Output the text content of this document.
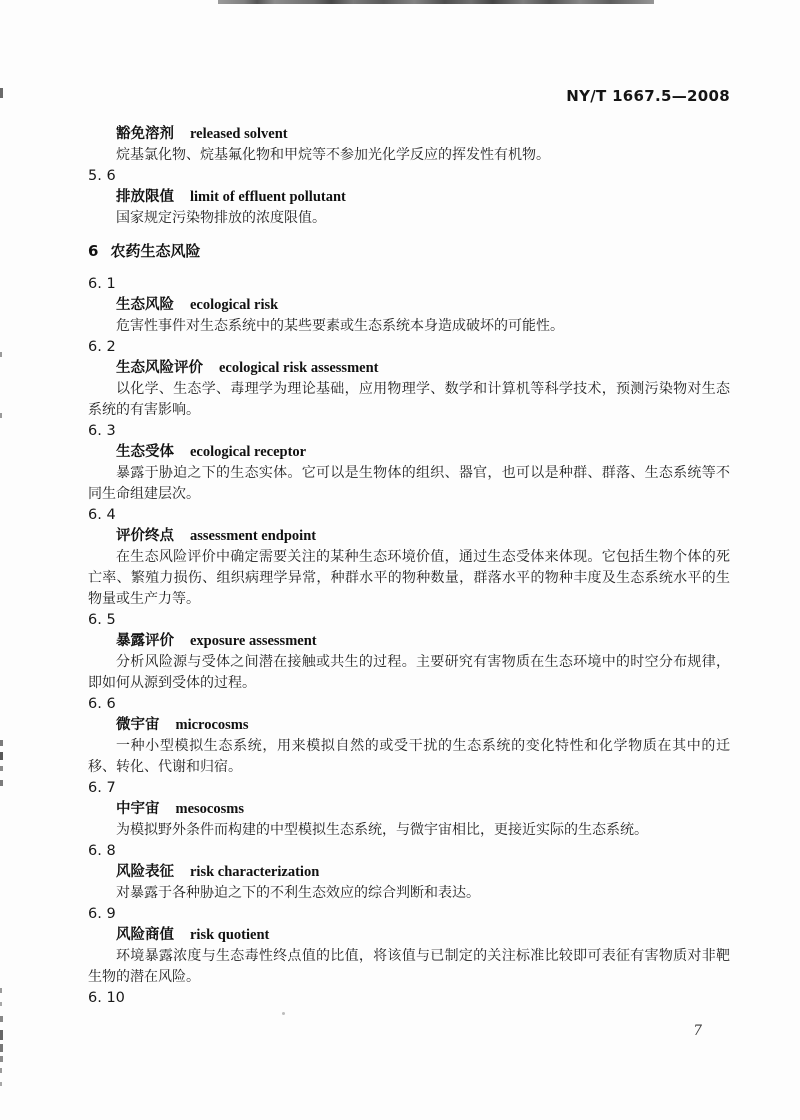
NY/T 1667.5—2008
豁免溶剂 released solvent

烷基氯化物、烷基氟化物和甲烷等不参加光化学反应的挥发性有机物。

5. 6
排放限值 limit of effluent pollutant

国家规定污染物排放的浓度限值。

6 农药生态风险
6. 1
生态风险 ecological risk

危害性事件对生态系统中的某些要素或生态系统本身造成破坏的可能性。

6. 2
生态风险评价 ecological risk assessment

以化学、生态学、毒理学为理论基础，应用物理学、数学和计算机等科学技术，预测污染物对生态系统的有害影响。

6. 3
生态受体 ecological receptor

暴露于胁迫之下的生态实体。它可以是生物体的组织、器官，也可以是种群、群落、生态系统等不同生命组建层次。

6. 4
评价终点 assessment endpoint

在生态风险评价中确定需要关注的某种生态环境价值，通过生态受体来体现。它包括生物个体的死亡率、繁殖力损伤、组织病理学异常，种群水平的物种数量，群落水平的物种丰度及生态系统水平的生物量或生产力等。

6. 5
暴露评价 exposure assessment

分析风险源与受体之间潜在接触或共生的过程。主要研究有害物质在生态环境中的时空分布规律，即如何从源到受体的过程。

6. 6
微宇宙 microcosms

一种小型模拟生态系统，用来模拟自然的或受干扰的生态系统的变化特性和化学物质在其中的迁移、转化、代谢和归宿。

6. 7
中宇宙 mesocosms

为模拟野外条件而构建的中型模拟生态系统，与微宇宙相比，更接近实际的生态系统。

6. 8
风险表征 risk characterization

对暴露于各种胁迫之下的不利生态效应的综合判断和表达。

6. 9
风险商值 risk quotient

环境暴露浓度与生态毒性终点值的比值，将该值与已制定的关注标准比较即可表征有害物质对非靶生物的潜在风险。

6. 10
7
